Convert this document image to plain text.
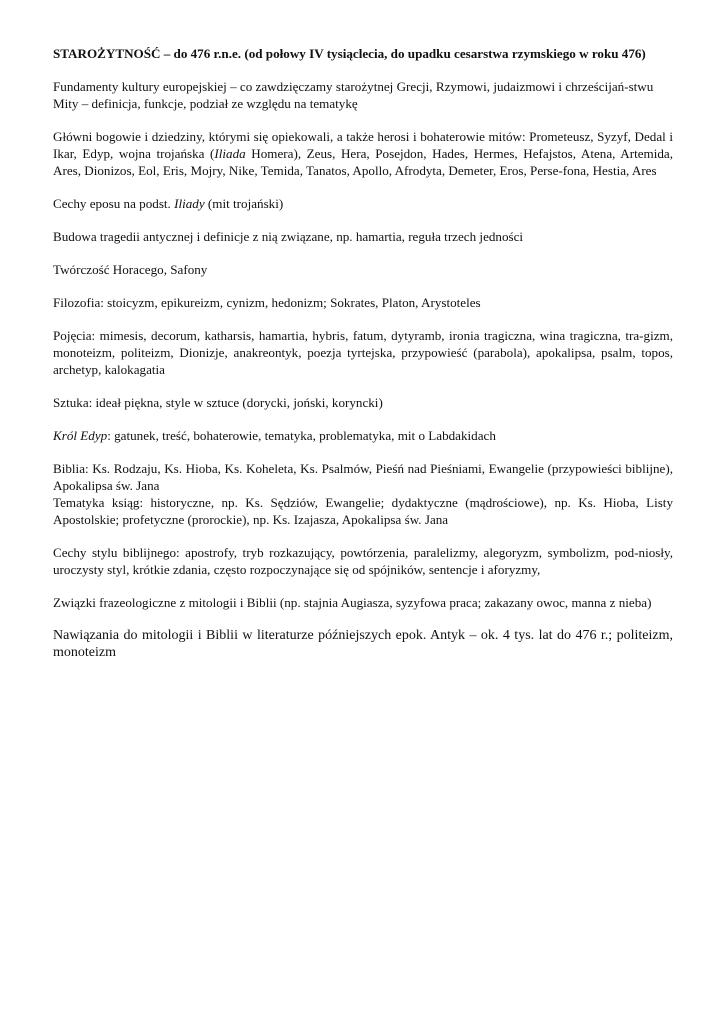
STAROŻYTNOŚĆ – do 476 r.n.e. (od połowy IV tysiąclecia, do upadku cesarstwa rzymskiego w roku 476)

Fundamenty kultury europejskiej – co zawdzięczamy starożytnej Grecji, Rzymowi, judaizmowi i chrześcijań-stwu

Mity – definicja, funkcje, podział ze względu na tematykę

Główni bogowie i dziedziny, którymi się opiekowali, a także herosi i bohaterowie mitów: Prometeusz, Syzyf, Dedal i Ikar, Edyp, wojna trojańska (Iliada Homera), Zeus, Hera, Posejdon, Hades, Hermes, Hefajstos, Atena, Artemida, Ares, Dionizos, Eol, Eris, Mojry, Nike, Temida, Tanatos, Apollo, Afrodyta, Demeter, Eros, Perse-fona, Hestia, Ares

Cechy eposu na podst. Iliady (mit trojański)

Budowa tragedii antycznej i definicje z nią związane, np. hamartia, reguła trzech jedności

Twórczość Horacego, Safony

Filozofia: stoicyzm, epikureizm, cynizm, hedonizm; Sokrates, Platon, Arystoteles

Pojęcia: mimesis, decorum, katharsis, hamartia, hybris, fatum, dytyramb, ironia tragiczna, wina tragiczna, tra-gizm, monoteizm, politeizm, Dionizje, anakreontyk, poezja tyrtejska, przypowieść (parabola), apokalipsa, psalm, topos, archetyp, kalokagatia

Sztuka: ideał piękna, style w sztuce (dorycki, joński, koryncki)

Król Edyp: gatunek, treść, bohaterowie, tematyka, problematyka, mit o Labdakidach

Biblia: Ks. Rodzaju, Ks. Hioba, Ks. Koheleta, Ks. Psalmów, Pieśń nad Pieśniami, Ewangelie (przypowieści biblijne), Apokalipsa św. Jana

Tematyka ksiąg: historyczne, np. Ks. Sędziów, Ewangelie; dydaktyczne (mądrościowe), np. Ks. Hioba, Listy Apostolskie; profetyczne (prorockie), np. Ks. Izajasza, Apokalipsa św. Jana

Cechy stylu biblijnego: apostrofy, tryb rozkazujący, powtórzenia, paralelizmy, alegoryzm, symbolizm, pod-niosły, uroczysty styl, krótkie zdania, często rozpoczynające się od spójników, sentencje i aforyzmy,

Związki frazeologiczne z mitologii i Biblii (np. stajnia Augiasza, syzyfowa praca; zakazany owoc, manna z nieba)

Nawiązania do mitologii i Biblii w literaturze późniejszych epok. Antyk – ok. 4 tys. lat do 476 r.; politeizm, monoteizm
